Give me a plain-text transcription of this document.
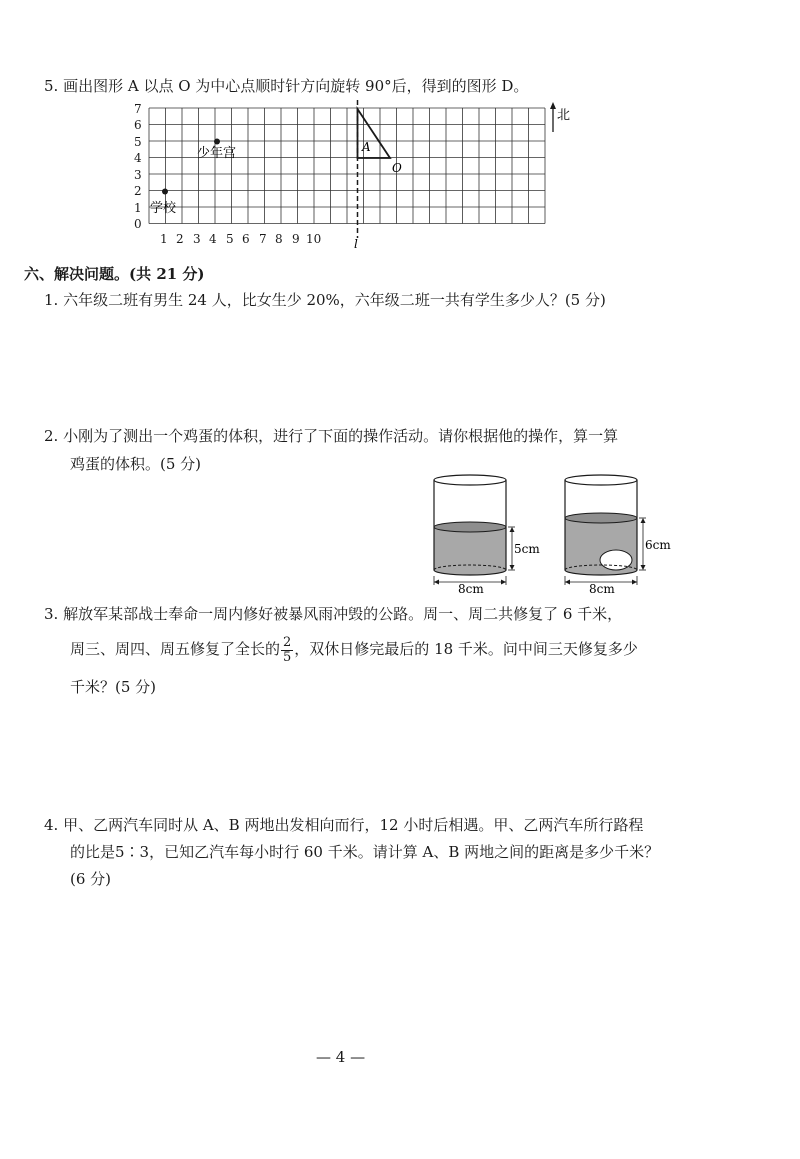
5. 画出图形 A 以点 O 为中心点顺时针方向旋转 90°后，得到的图形 D。
7
6
5
4
3
2
1
0
1 2 3 4 5 6 7 8 9 10	l
A
O
学校
少年宫
北
六、解决问题。(共 21 分)
1. 六年级二班有男生 24 人，比女生少 20%，六年级二班一共有学生多少人？(5 分)
2. 小刚为了测出一个鸡蛋的体积，进行了下面的操作活动。请你根据他的操作，算一算
鸡蛋的体积。(5 分)
5cm
8cm
6cm
8cm
3. 解放军某部战士奉命一周内修好被暴风雨冲毁的公路。周一、周二共修复了 6 千米，
周三、周四、周五修复了全长的 $\frac{2}{5}$ ，双休日修完最后的 18 千米。问中间三天修复多少
千米？(5 分)
4. 甲、乙两汽车同时从 A、B 两地出发相向而行，12 小时后相遇。甲、乙两汽车所行路程
的比是5∶3，已知乙汽车每小时行 60 千米。请计算 A、B 两地之间的距离是多少千米？
(6 分)
— 4 —
